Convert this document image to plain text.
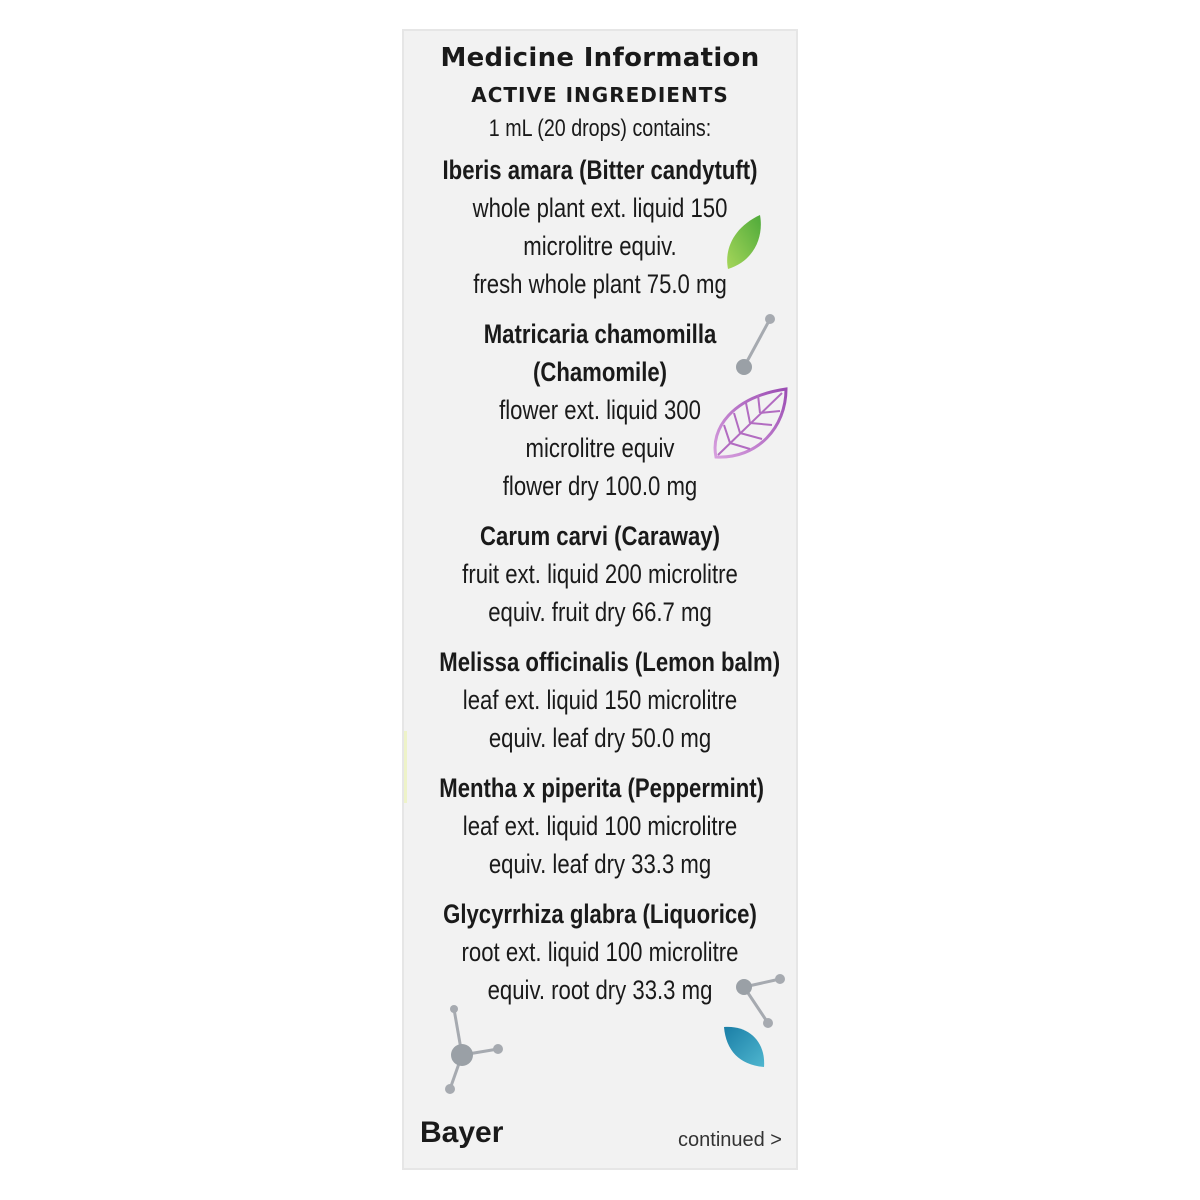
Medicine Information
ACTIVE INGREDIENTS
1 mL (20 drops) contains:
Iberis amara (Bitter candytuft)
whole plant ext. liquid 150
microlitre equiv.
fresh whole plant 75.0 mg
Matricaria chamomilla
(Chamomile)
flower ext. liquid 300
microlitre equiv
flower dry 100.0 mg
Carum carvi (Caraway)
fruit ext. liquid 200 microlitre
equiv. fruit dry 66.7 mg
Melissa officinalis (Lemon balm)
leaf ext. liquid 150 microlitre
equiv. leaf dry 50.0 mg
Mentha x piperita (Peppermint)
leaf ext. liquid 100 microlitre
equiv. leaf dry 33.3 mg
Glycyrrhiza glabra (Liquorice)
root ext. liquid 100 microlitre
equiv. root dry 33.3 mg
Bayer	continued >
